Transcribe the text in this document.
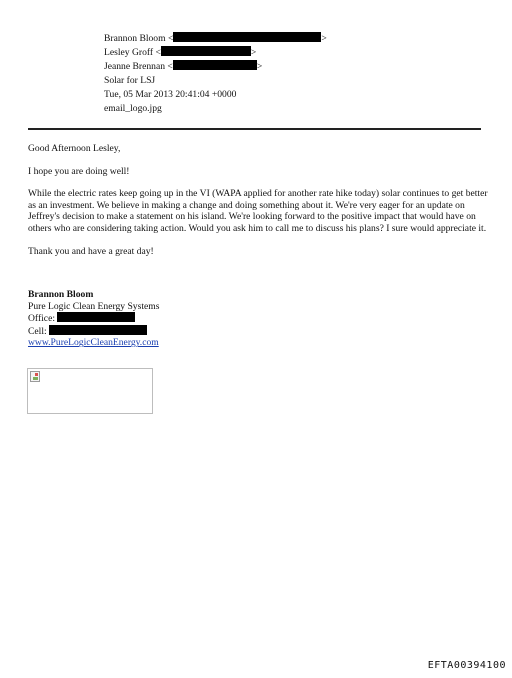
Brannon Bloom <	>
Lesley Groff <	>
Jeanne Brennan <	>
Solar for LSJ
Tue, 05 Mar 2013 20:41:04 +0000
email_logo.jpg

Good Afternoon Lesley,

I hope you are doing well!

While the electric rates keep going up in the VI (WAPA applied for another rate hike today) solar continues to get better as an investment. We believe in making a change and doing something about it. We're very eager for an update on Jeffrey's decision to make a statement on his island. We're looking forward to the positive impact that would have on others who are considering taking action. Would you ask him to call me to discuss his plans? I sure would appreciate it.

Thank you and have a great day!

Brannon Bloom
Pure Logic Clean Energy Systems
Office:
Cell:
www.PureLogicCleanEnergy.com
EFTA00394100
